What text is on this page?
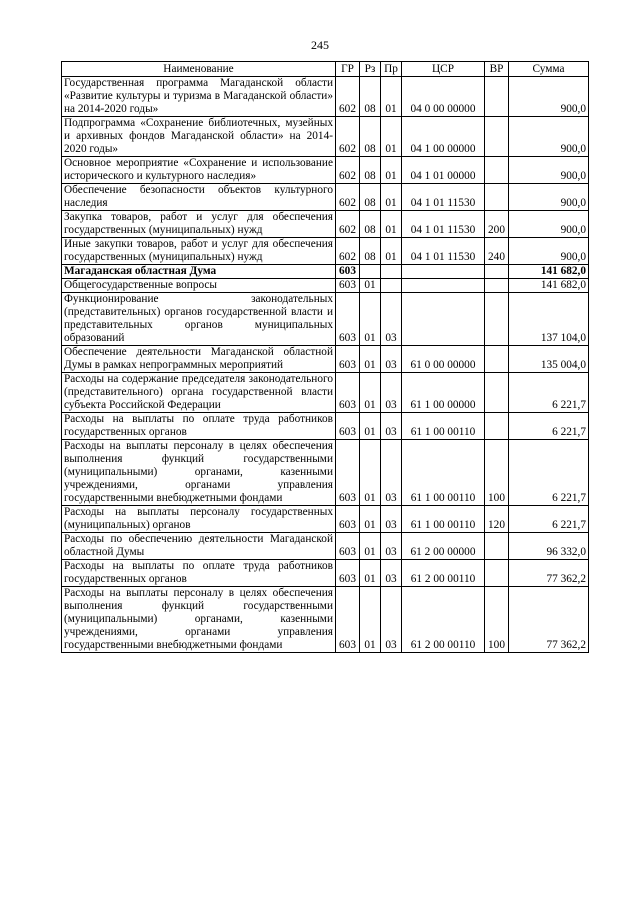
245
Наименование	ГР	Рз	Пр	ЦСР	ВР	Сумма
Государственная программа Магаданской области «Развитие культуры и туризма в Магаданской области» на 2014-2020 годы»	602	08	01	04 0 00 00000		900,0
Подпрограмма «Сохранение библиотечных, музейных и архивных фондов Магаданской области» на 2014-2020 годы»	602	08	01	04 1 00 00000		900,0
Основное мероприятие «Сохранение и использование исторического и культурного наследия»	602	08	01	04 1 01 00000		900,0
Обеспечение безопасности объектов культурного наследия	602	08	01	04 1 01 11530		900,0
Закупка товаров, работ и услуг для обеспечения государственных (муниципальных) нужд	602	08	01	04 1 01 11530	200	900,0
Иные закупки товаров, работ и услуг для обеспечения государственных (муниципальных) нужд	602	08	01	04 1 01 11530	240	900,0
Магаданская областная Дума	603					141 682,0
Общегосударственные вопросы	603	01				141 682,0
Функционирование законодательных (представительных) органов государственной власти и представительных органов муниципальных образований	603	01	03			137 104,0
Обеспечение деятельности Магаданской областной Думы в рамках непрограммных мероприятий	603	01	03	61 0 00 00000		135 004,0
Расходы на содержание председателя законодательного (представительного) органа государственной власти субъекта Российской Федерации	603	01	03	61 1 00 00000		6 221,7
Расходы на выплаты по оплате труда работников государственных органов	603	01	03	61 1 00 00110		6 221,7
Расходы на выплаты персоналу в целях обеспечения выполнения функций государственными (муниципальными) органами, казенными учреждениями, органами управления государственными внебюджетными фондами	603	01	03	61 1 00 00110	100	6 221,7
Расходы на выплаты персоналу государственных (муниципальных) органов	603	01	03	61 1 00 00110	120	6 221,7
Расходы по обеспечению деятельности Магаданской областной Думы	603	01	03	61 2 00 00000		96 332,0
Расходы на выплаты по оплате труда работников государственных органов	603	01	03	61 2 00 00110		77 362,2
Расходы на выплаты персоналу в целях обеспечения выполнения функций государственными (муниципальными) органами, казенными учреждениями, органами управления государственными внебюджетными фондами	603	01	03	61 2 00 00110	100	77 362,2
